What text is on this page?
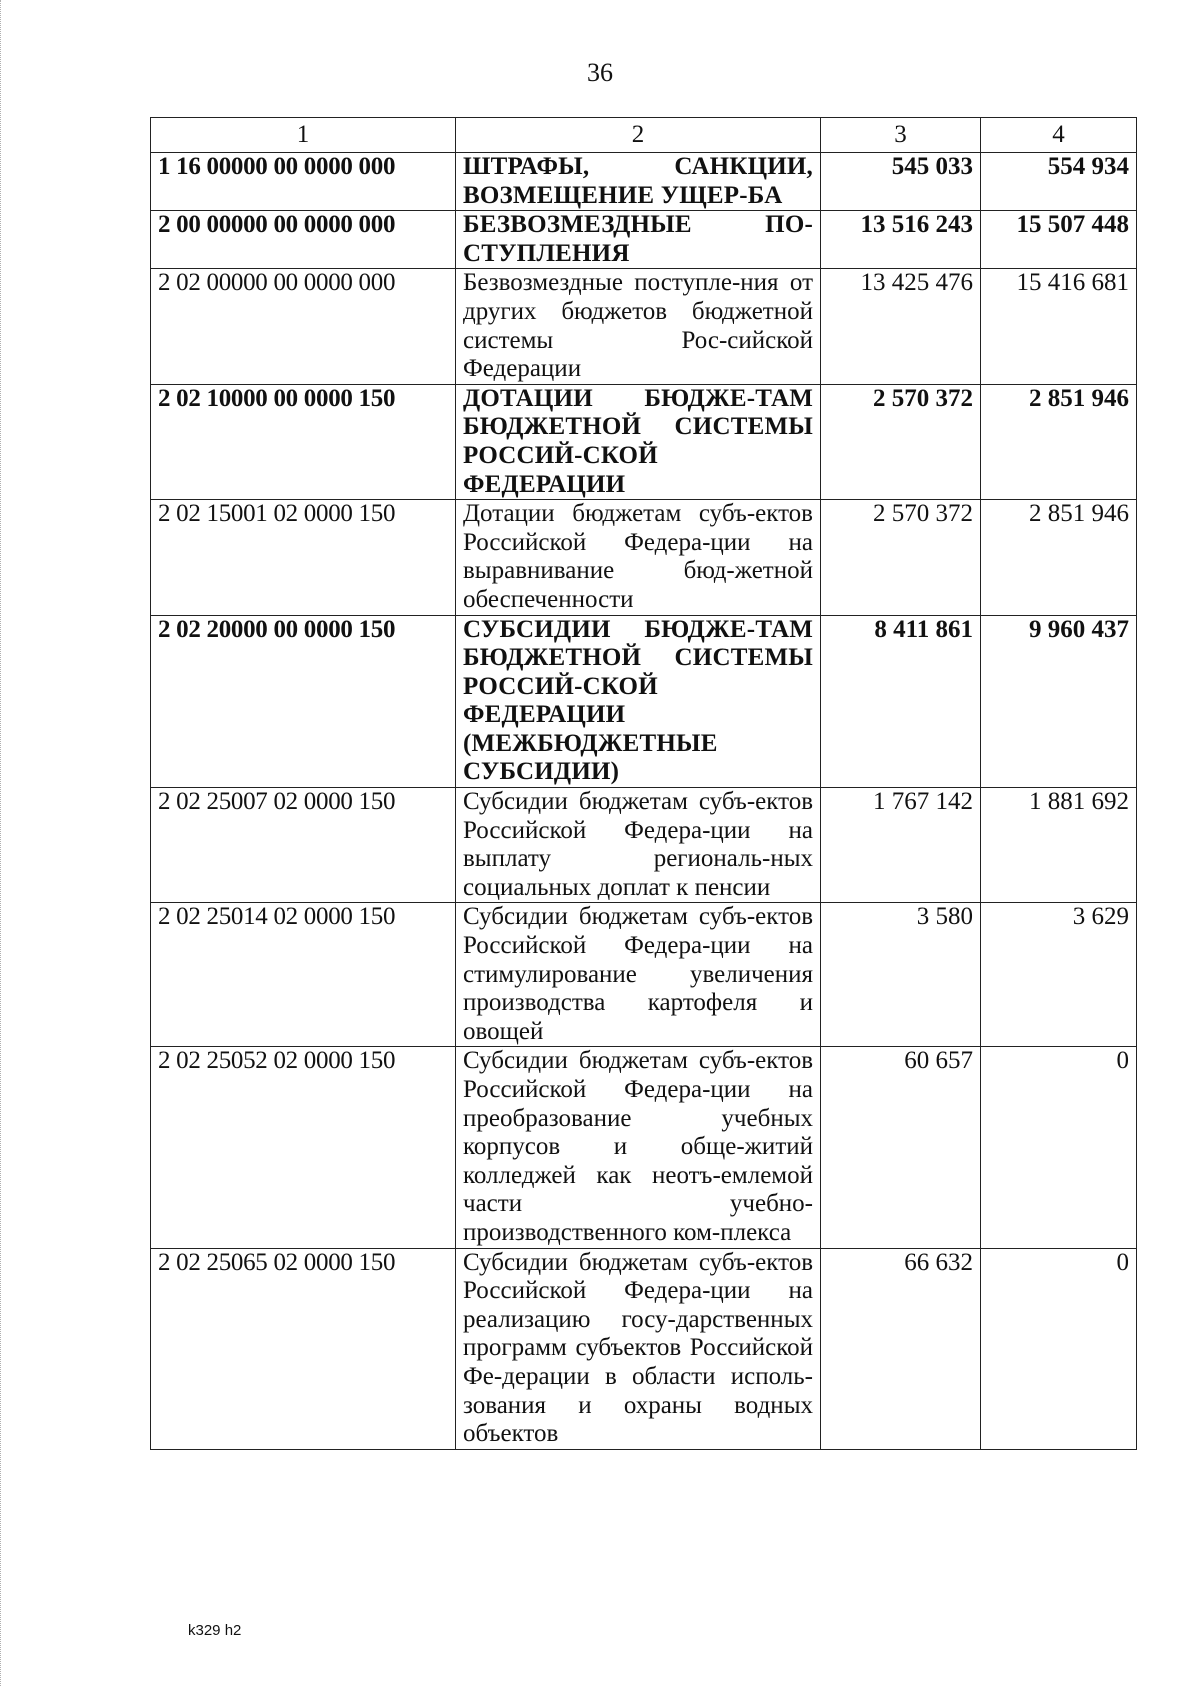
36
1	2	3	4
1 16 00000 00 0000 000	ШТРАФЫ, САНКЦИИ, ВОЗМЕЩЕНИЕ УЩЕР-БА	545 033	554 934
2 00 00000 00 0000 000	БЕЗВОЗМЕЗДНЫЕ ПО-СТУПЛЕНИЯ	13 516 243	15 507 448
2 02 00000 00 0000 000	Безвозмездные поступле-ния от других бюджетов бюджетной системы Рос-сийской Федерации	13 425 476	15 416 681
2 02 10000 00 0000 150	ДОТАЦИИ БЮДЖЕ-ТАМ БЮДЖЕТНОЙ СИСТЕМЫ РОССИЙ-СКОЙ ФЕДЕРАЦИИ	2 570 372	2 851 946
2 02 15001 02 0000 150	Дотации бюджетам субъ-ектов Российской Федера-ции на выравнивание бюд-жетной обеспеченности	2 570 372	2 851 946
2 02 20000 00 0000 150	СУБСИДИИ БЮДЖЕ-ТАМ БЮДЖЕТНОЙ СИСТЕМЫ РОССИЙ-СКОЙ ФЕДЕРАЦИИ (МЕЖБЮДЖЕТНЫЕ СУБСИДИИ)	8 411 861	9 960 437
2 02 25007 02 0000 150	Субсидии бюджетам субъ-ектов Российской Федера-ции на выплату региональ-ных социальных доплат к пенсии	1 767 142	1 881 692
2 02 25014 02 0000 150	Субсидии бюджетам субъ-ектов Российской Федера-ции на стимулирование увеличения производства картофеля и овощей	3 580	3 629
2 02 25052 02 0000 150	Субсидии бюджетам субъ-ектов Российской Федера-ции на преобразование учебных корпусов и обще-житий колледжей как неотъ-емлемой части учебно-производственного ком-плекса	60 657	0
2 02 25065 02 0000 150	Субсидии бюджетам субъ-ектов Российской Федера-ции на реализацию госу-дарственных программ субъектов Российской Фе-дерации в области исполь-зования и охраны водных объектов	66 632	0
k329 h2
